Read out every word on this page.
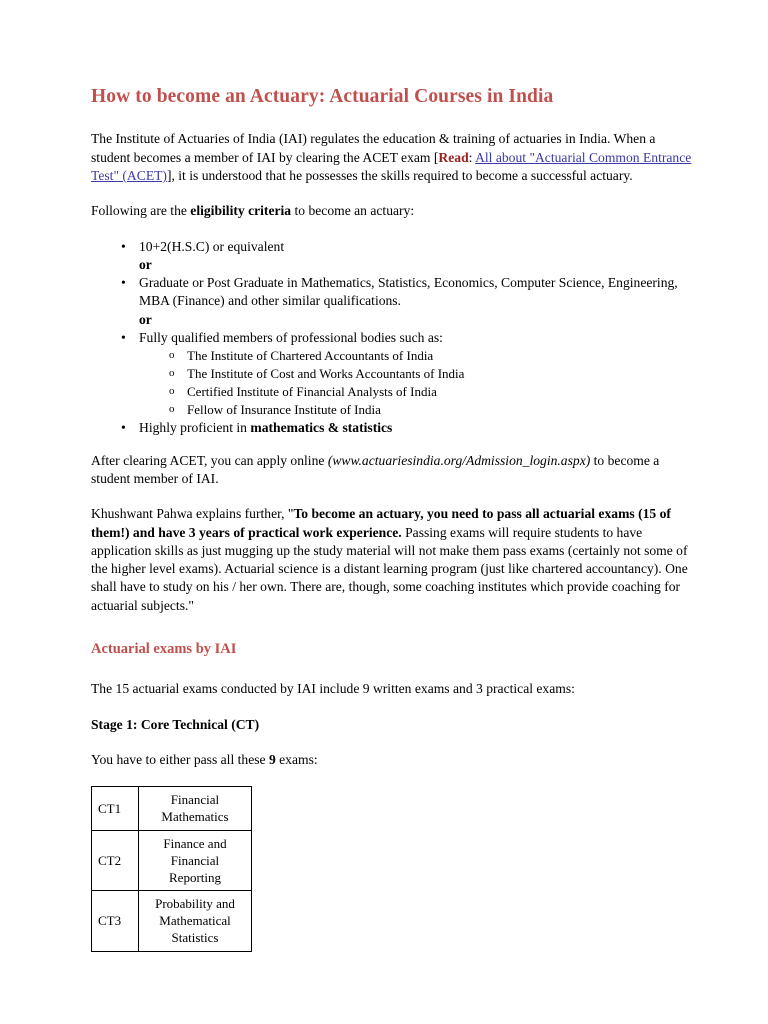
How to become an Actuary: Actuarial Courses in India

The Institute of Actuaries of India (IAI) regulates the education & training of actuaries in India. When a student becomes a member of IAI by clearing the ACET exam [Read: All about "Actuarial Common Entrance Test" (ACET)], it is understood that he possesses the skills required to become a successful actuary.

Following are the eligibility criteria to become an actuary:

• 10+2(H.S.C) or equivalent
or
• Graduate or Post Graduate in Mathematics, Statistics, Economics, Computer Science, Engineering, MBA (Finance) and other similar qualifications.
or
• Fully qualified members of professional bodies such as:
o The Institute of Chartered Accountants of India
o The Institute of Cost and Works Accountants of India
o Certified Institute of Financial Analysts of India
o Fellow of Insurance Institute of India
• Highly proficient in mathematics & statistics

After clearing ACET, you can apply online (www.actuariesindia.org/Admission_login.aspx) to become a student member of IAI.

Khushwant Pahwa explains further, "To become an actuary, you need to pass all actuarial exams (15 of them!) and have 3 years of practical work experience. Passing exams will require students to have application skills as just mugging up the study material will not make them pass exams (certainly not some of the higher level exams). Actuarial science is a distant learning program (just like chartered accountancy). One shall have to study on his / her own. There are, though, some coaching institutes which provide coaching for actuarial subjects."

Actuarial exams by IAI

The 15 actuarial exams conducted by IAI include 9 written exams and 3 practical exams:

Stage 1: Core Technical (CT)

You have to either pass all these 9 exams:

CT1	Financial Mathematics
CT2	Finance and Financial Reporting
CT3	Probability and Mathematical Statistics
